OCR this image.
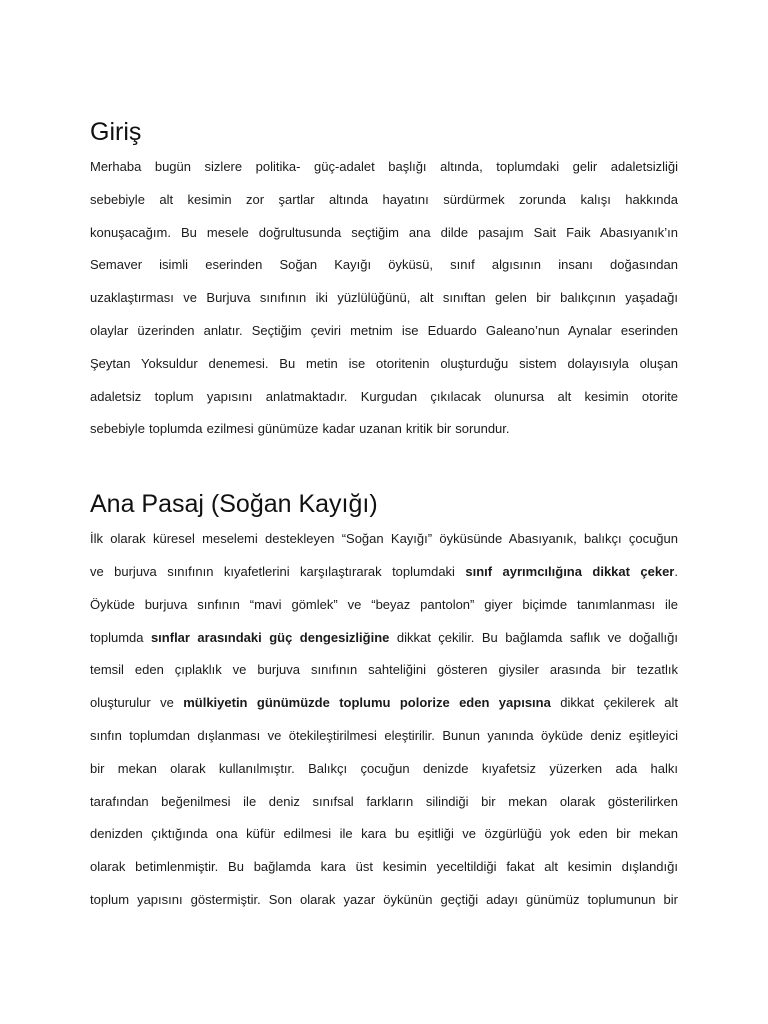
Giriş
Merhaba bugün sizlere politika- güç-adalet başlığı altında, toplumdaki gelir adaletsizliği
sebebiyle alt kesimin zor şartlar altında hayatını sürdürmek zorunda kalışı hakkında
konuşacağım. Bu mesele doğrultusunda seçtiğim ana dilde pasajım Sait Faik Abasıyanık’ın
Semaver isimli eserinden Soğan Kayığı öyküsü, sınıf algısının insanı doğasından
uzaklaştırması ve Burjuva sınıfının iki yüzlülüğünü, alt sınıftan gelen bir balıkçının yaşadağı
olaylar üzerinden anlatır. Seçtiğim çeviri metnim ise Eduardo Galeano’nun Aynalar eserinden
Şeytan Yoksuldur denemesi. Bu metin ise otoritenin oluşturduğu sistem dolayısıyla oluşan
adaletsiz toplum yapısını anlatmaktadır. Kurgudan çıkılacak olunursa alt kesimin otorite
sebebiyle toplumda ezilmesi günümüze kadar uzanan kritik bir sorundur.
Ana Pasaj (Soğan Kayığı)
İlk olarak küresel meselemi destekleyen “Soğan Kayığı” öyküsünde Abasıyanık, balıkçı çocuğun
ve burjuva sınıfının kıyafetlerini karşılaştırarak toplumdaki sınıf ayrımcılığına dikkat çeker.
Öyküde burjuva sınfının “mavi gömlek” ve “beyaz pantolon” giyer biçimde tanımlanması ile
toplumda sınflar arasındaki güç dengesizliğine dikkat çekilir. Bu bağlamda saflık ve doğallığı
temsil eden çıplaklık ve burjuva sınıfının sahteliğini gösteren giysiler arasında bir tezatlık
oluşturulur ve mülkiyetin günümüzde toplumu polorize eden yapısına dikkat çekilerek alt
sınfın toplumdan dışlanması ve ötekileştirilmesi eleştirilir. Bunun yanında öyküde deniz eşitleyici
bir mekan olarak kullanılmıştır. Balıkçı çocuğun denizde kıyafetsiz yüzerken ada halkı
tarafından beğenilmesi ile deniz sınıfsal farkların silindiği bir mekan olarak gösterilirken
denizden çıktığında ona küfür edilmesi ile kara bu eşitliği ve özgürlüğü yok eden bir mekan
olarak betimlenmiştir. Bu bağlamda kara üst kesimin yeceltildiği fakat alt kesimin dışlandığı
toplum yapısını göstermiştir. Son olarak yazar öykünün geçtiği adayı günümüz toplumunun bir
